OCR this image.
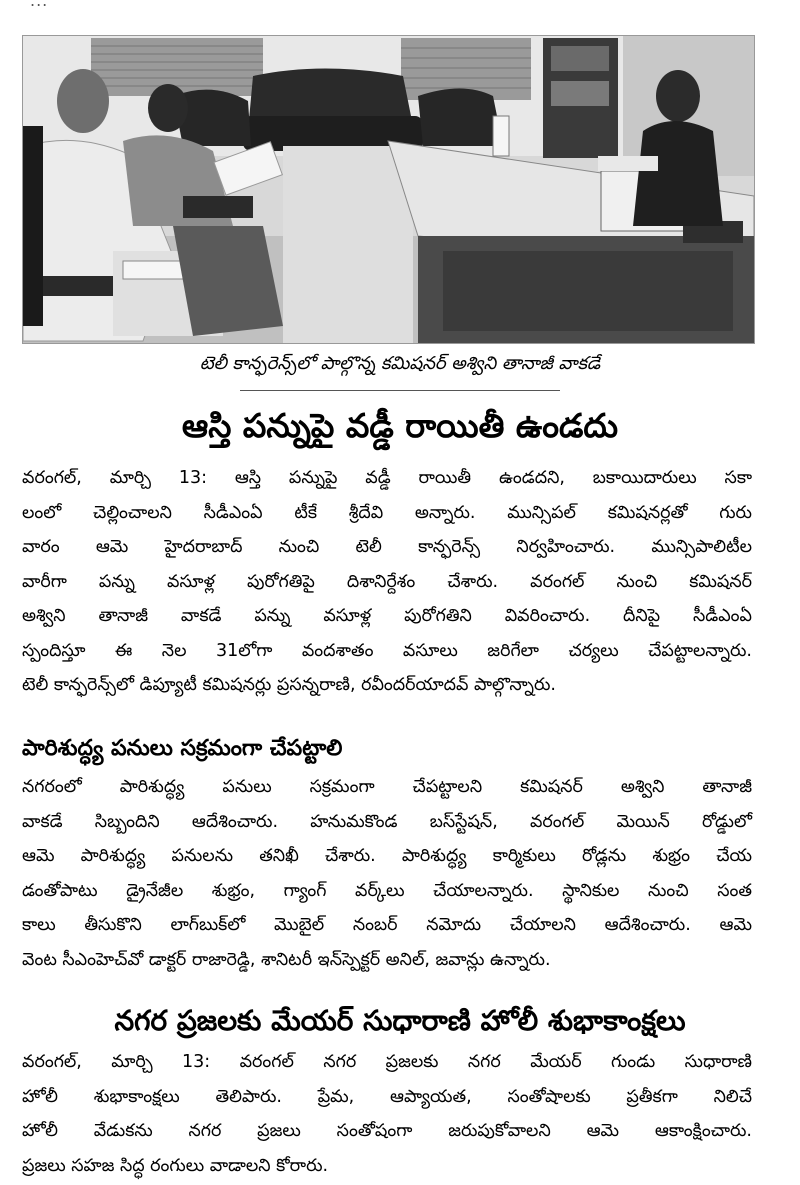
...
టెలీ కాన్ఫరెన్స్‌లో పాల్గొన్న కమిషనర్ అశ్విని తానాజీ వాకడే
ఆస్తి పన్నుపై వడ్డీ రాయితీ ఉండదు
వరంగల్, మార్చి 13: ఆస్తి పన్నుపై వడ్డీ రాయితీ ఉండదని, బకాయిదారులు సకా
లంలో చెల్లించాలని సీడీఎంఏ టీకే శ్రీదేవి అన్నారు. మున్సిపల్ కమిషనర్లతో గురు
వారం ఆమె హైదరాబాద్ నుంచి టెలీ కాన్ఫరెన్స్ నిర్వహించారు. మున్సిపాలిటీల
వారీగా పన్ను వసూళ్ల పురోగతిపై దిశానిర్దేశం చేశారు. వరంగల్ నుంచి కమిషనర్
అశ్విని తానాజీ వాకడే పన్ను వసూళ్ల పురోగతిని వివరించారు. దీనిపై సీడీఎంఏ
స్పందిస్తూ ఈ నెల 31లోగా వందశాతం వసూలు జరిగేలా చర్యలు చేపట్టాలన్నారు.
టెలీ కాన్ఫరెన్స్‌లో డిప్యూటీ కమిషనర్లు ప్రసన్నరాణి, రవీందర్‌యాదవ్ పాల్గొన్నారు.
పారిశుద్ధ్య పనులు సక్రమంగా చేపట్టాలి
నగరంలో పారిశుద్ధ్య పనులు సక్రమంగా చేపట్టాలని కమిషనర్ అశ్విని తానాజీ
వాకడే సిబ్బందిని ఆదేశించారు. హనుమకొండ బస్‌స్టేషన్, వరంగల్ మెయిన్ రోడ్డులో
ఆమె పారిశుద్ధ్య పనులను తనిఖీ చేశారు. పారిశుద్ధ్య కార్మికులు రోడ్లను శుభ్రం చేయ
డంతోపాటు డ్రైనేజీల శుభ్రం, గ్యాంగ్ వర్క్‌లు చేయాలన్నారు. స్థానికుల నుంచి సంత
కాలు తీసుకొని లాగ్‌బుక్‌లో మొబైల్ నంబర్ నమోదు చేయాలని ఆదేశించారు. ఆమె
వెంట సీఎంహెచ్‌వో డాక్టర్ రాజారెడ్డి, శానిటరీ ఇన్‌స్పెక్టర్ అనిల్, జవాన్లు ఉన్నారు.
నగర ప్రజలకు మేయర్ సుధారాణి హోలీ శుభాకాంక్షలు
వరంగల్, మార్చి 13: వరంగల్ నగర ప్రజలకు నగర మేయర్ గుండు సుధారాణి
హోలీ శుభాకాంక్షలు తెలిపారు. ప్రేమ, ఆప్యాయత, సంతోషాలకు ప్రతీకగా నిలిచే
హోలీ వేడుకను నగర ప్రజలు సంతోషంగా జరుపుకోవాలని ఆమె ఆకాంక్షించారు.
ప్రజలు సహజ సిద్ధ రంగులు వాడాలని కోరారు.
